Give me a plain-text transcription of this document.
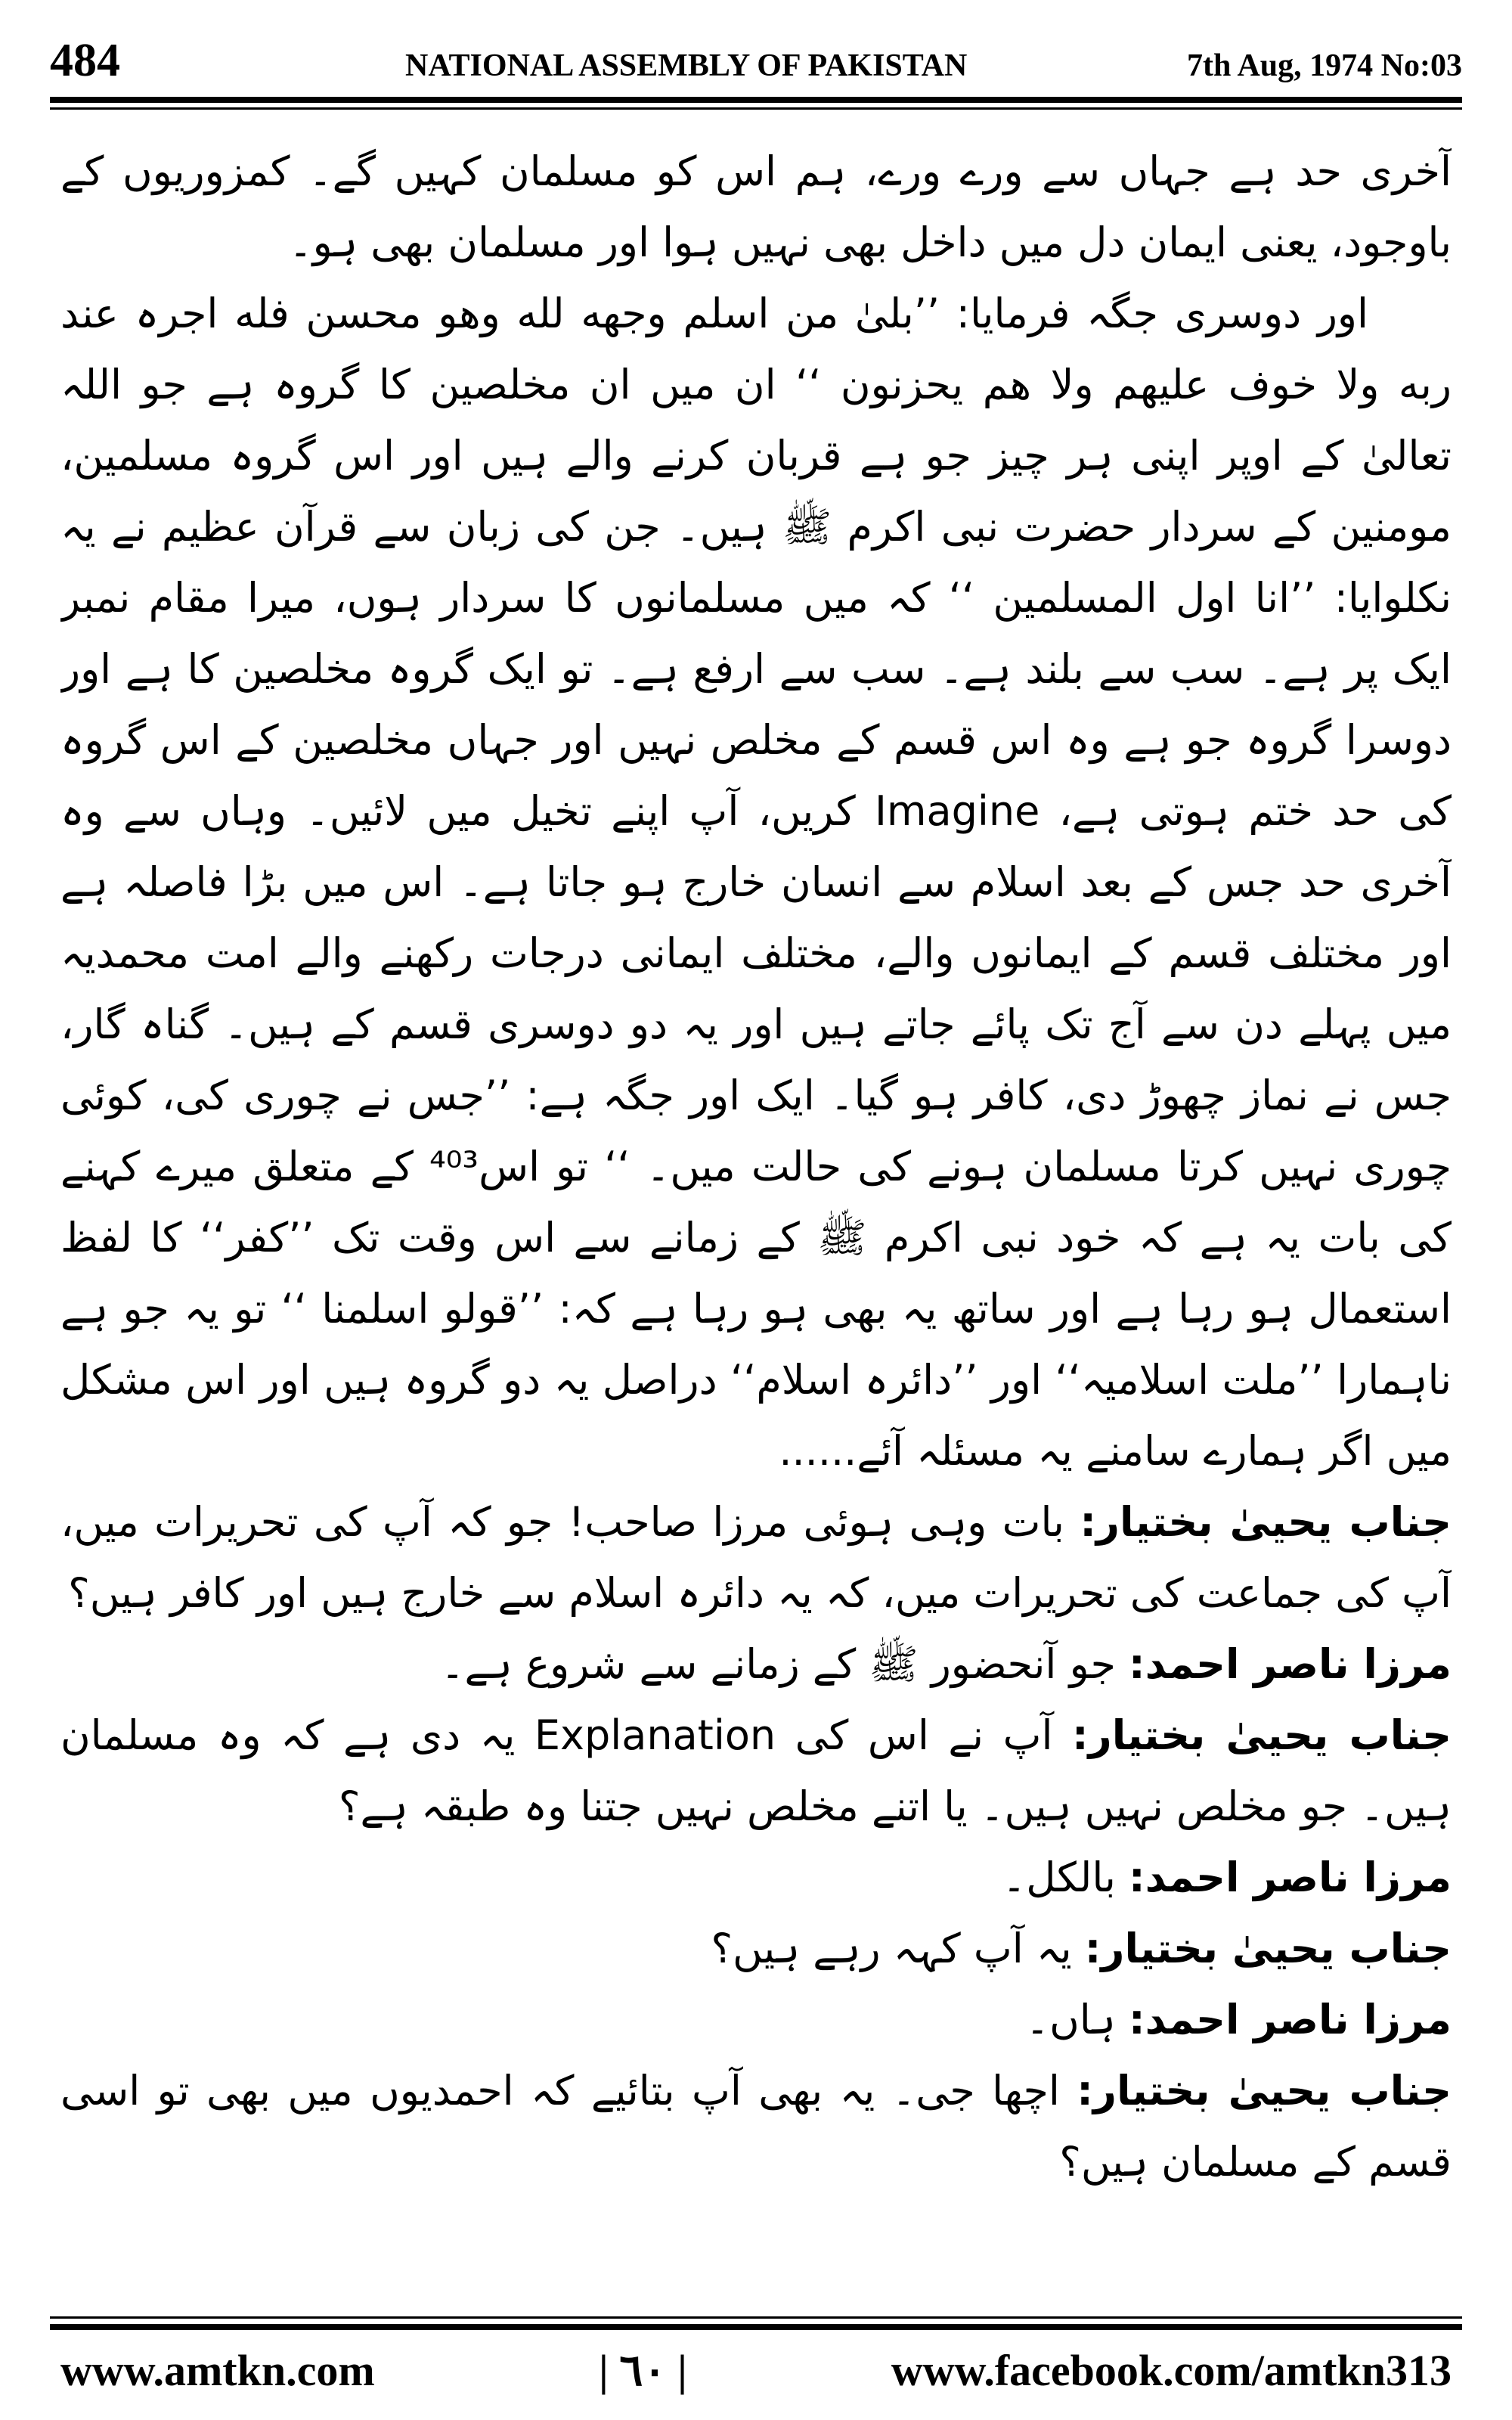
484	NATIONAL ASSEMBLY OF PAKISTAN	7th Aug, 1974 No:03

آخری حد ہے جہاں سے ورے ورے، ہم اس کو مسلمان کہیں گے۔ کمزوریوں کے باوجود، یعنی ایمان دل میں داخل بھی نہیں ہوا اور مسلمان بھی ہو۔

اور دوسری جگہ فرمایا: ’’بلیٰ من اسلم وجھه لله وھو محسن فله اجرہ عند ربه ولا خوف علیھم ولا ھم یحزنون ‘‘ ان میں ان مخلصین کا گروہ ہے جو اللہ تعالیٰ کے اوپر اپنی ہر چیز جو ہے قربان کرنے والے ہیں اور اس گروہ مسلمین، مومنین کے سردار حضرت نبی اکرم ﷺ ہیں۔ جن کی زبان سے قرآن عظیم نے یہ نکلوایا: ’’انا اول المسلمین ‘‘ کہ میں مسلمانوں کا سردار ہوں، میرا مقام نمبر ایک پر ہے۔ سب سے بلند ہے۔ سب سے ارفع ہے۔ تو ایک گروہ مخلصین کا ہے اور دوسرا گروہ جو ہے وہ اس قسم کے مخلص نہیں اور جہاں مخلصین کے اس گروہ کی حد ختم ہوتی ہے، Imagine کریں، آپ اپنے تخیل میں لائیں۔ وہاں سے وہ آخری حد جس کے بعد اسلام سے انسان خارج ہو جاتا ہے۔ اس میں بڑا فاصلہ ہے اور مختلف قسم کے ایمانوں والے، مختلف ایمانی درجات رکھنے والے امت محمدیہ میں پہلے دن سے آج تک پائے جاتے ہیں اور یہ دو دوسری قسم کے ہیں۔ گناہ گار، جس نے نماز چھوڑ دی، کافر ہو گیا۔ ایک اور جگہ ہے: ’’جس نے چوری کی، کوئی چوری نہیں کرتا مسلمان ہونے کی حالت میں۔ ‘‘ تو اس⁴⁰³ کے متعلق میرے کہنے کی بات یہ ہے کہ خود نبی اکرم ﷺ کے زمانے سے اس وقت تک ’’کفر‘‘ کا لفظ استعمال ہو رہا ہے اور ساتھ یہ بھی ہو رہا ہے کہ: ’’قولو اسلمنا ‘‘ تو یہ جو ہے ناہمارا ’’ملت اسلامیہ‘‘ اور ’’دائرہ اسلام‘‘ دراصل یہ دو گروہ ہیں اور اس مشکل میں اگر ہمارے سامنے یہ مسئلہ آئے......

جناب یحییٰ بختیار: بات وہی ہوئی مرزا صاحب! جو کہ آپ کی تحریرات میں، آپ کی جماعت کی تحریرات میں، کہ یہ دائرہ اسلام سے خارج ہیں اور کافر ہیں؟

مرزا ناصر احمد: جو آنحضور ﷺ کے زمانے سے شروع ہے۔

جناب یحییٰ بختیار: آپ نے اس کی Explanation یہ دی ہے کہ وہ مسلمان ہیں۔ جو مخلص نہیں ہیں۔ یا اتنے مخلص نہیں جتنا وہ طبقہ ہے؟

مرزا ناصر احمد: بالکل۔

جناب یحییٰ بختیار: یہ آپ کہہ رہے ہیں؟

مرزا ناصر احمد: ہاں۔

جناب یحییٰ بختیار: اچھا جی۔ یہ بھی آپ بتائیے کہ احمدیوں میں بھی تو اسی قسم کے مسلمان ہیں؟

www.amtkn.com	| ٦٠ |	www.facebook.com/amtkn313
